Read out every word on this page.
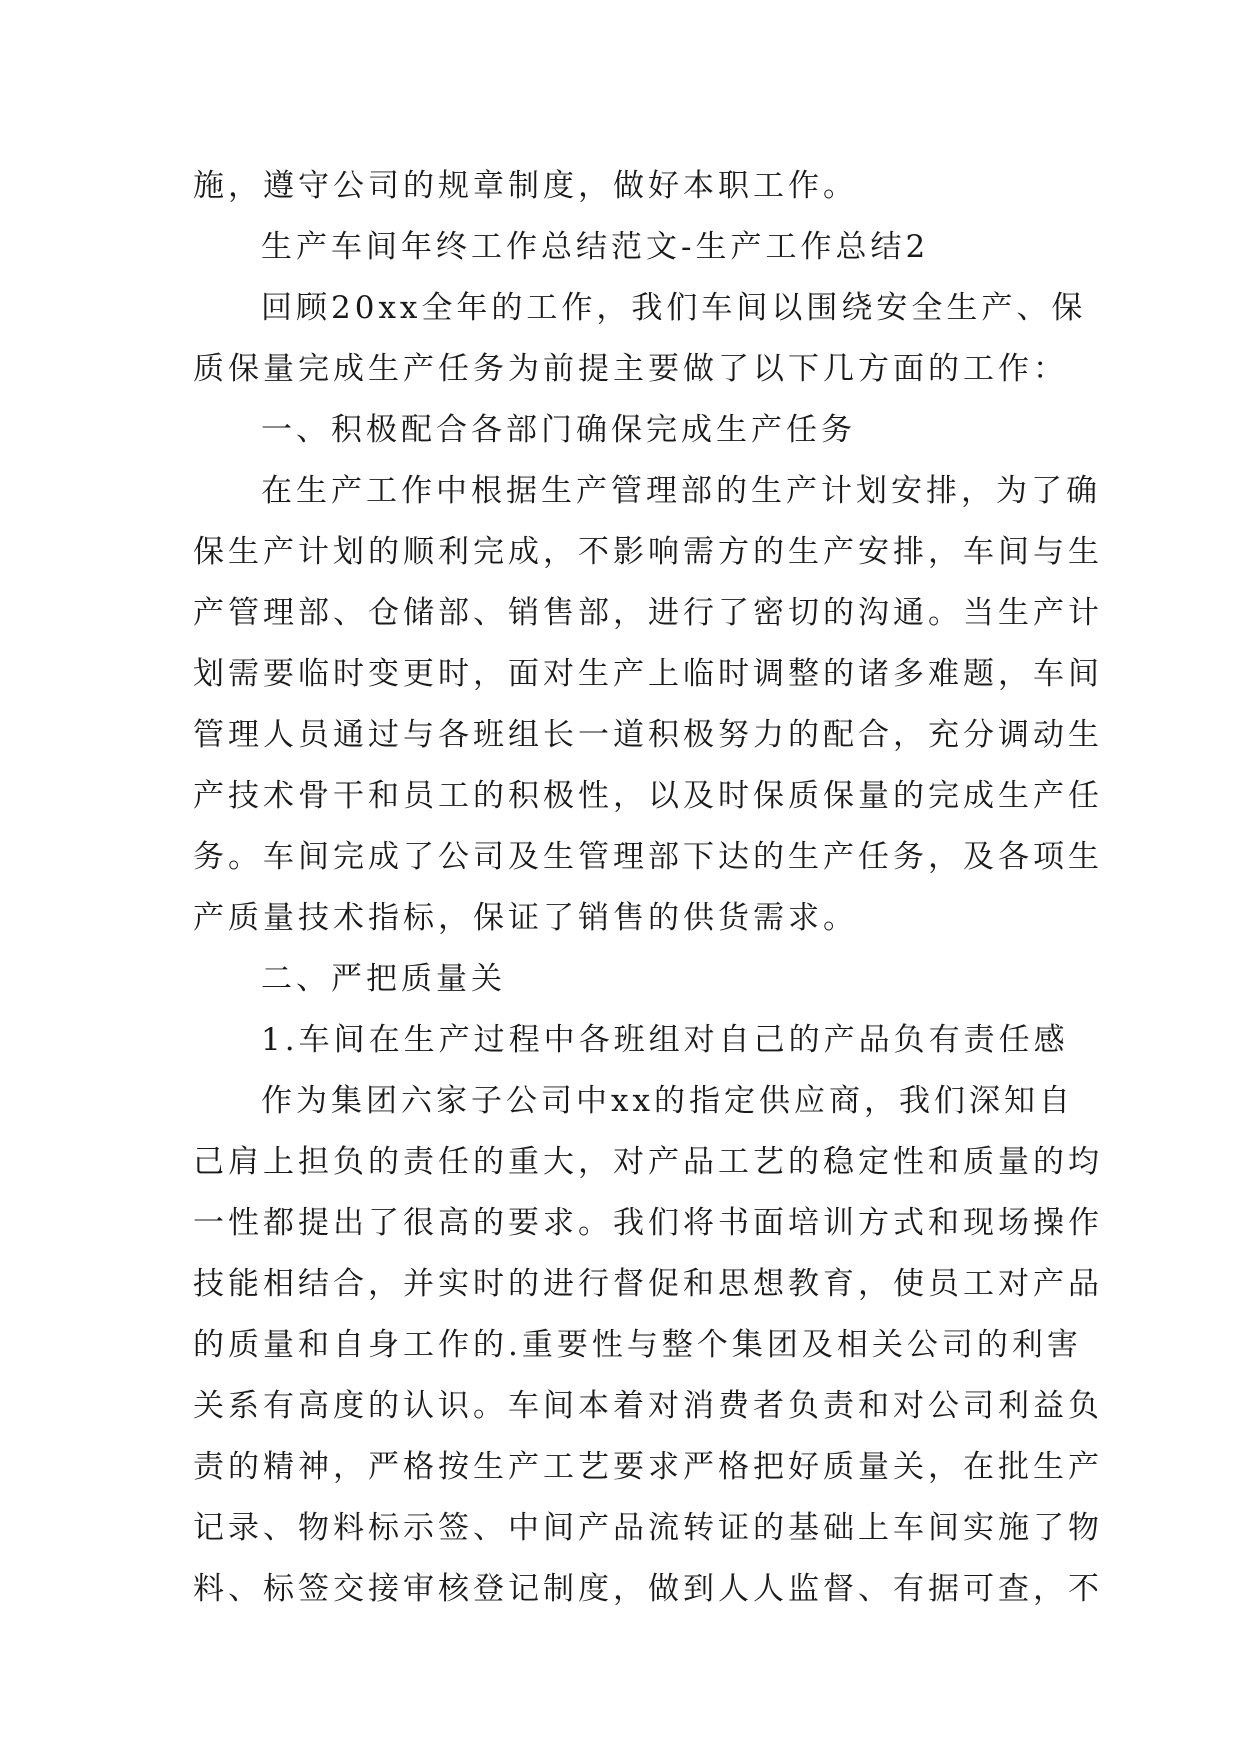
施，遵守公司的规章制度，做好本职工作。
生产车间年终工作总结范文-生产工作总结2
回顾20xx全年的工作，我们车间以围绕安全生产、保
质保量完成生产任务为前提主要做了以下几方面的工作：
一、积极配合各部门确保完成生产任务
在生产工作中根据生产管理部的生产计划安排，为了确
保生产计划的顺利完成，不影响需方的生产安排，车间与生
产管理部、仓储部、销售部，进行了密切的沟通。当生产计
划需要临时变更时，面对生产上临时调整的诸多难题，车间
管理人员通过与各班组长一道积极努力的配合，充分调动生
产技术骨干和员工的积极性，以及时保质保量的完成生产任
务。车间完成了公司及生管理部下达的生产任务，及各项生
产质量技术指标，保证了销售的供货需求。
二、严把质量关
1.车间在生产过程中各班组对自己的产品负有责任感
作为集团六家子公司中xx的指定供应商，我们深知自
己肩上担负的责任的重大，对产品工艺的稳定性和质量的均
一性都提出了很高的要求。我们将书面培训方式和现场操作
技能相结合，并实时的进行督促和思想教育，使员工对产品
的质量和自身工作的.重要性与整个集团及相关公司的利害
关系有高度的认识。车间本着对消费者负责和对公司利益负
责的精神，严格按生产工艺要求严格把好质量关，在批生产
记录、物料标示签、中间产品流转证的基础上车间实施了物
料、标签交接审核登记制度，做到人人监督、有据可查，不
